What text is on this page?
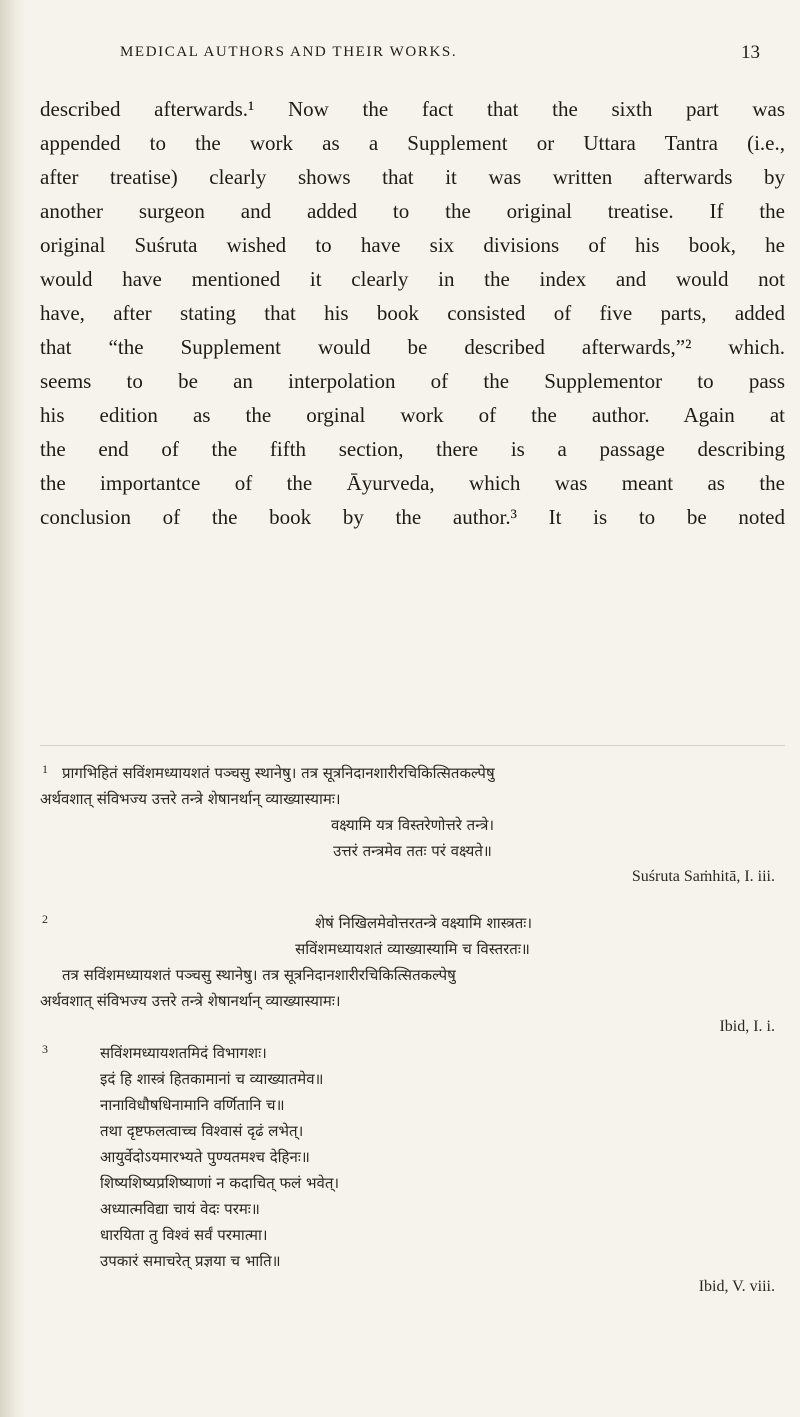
MEDICAL AUTHORS AND THEIR WORKS.	13
described afterwards.¹ Now the fact that the sixth part was
appended to the work as a Supplement or Uttara Tantra (i.e.,
after treatise) clearly shows that it was written afterwards by
another surgeon and added to the original treatise. If the
original Suśruta wished to have six divisions of his book, he
would have mentioned it clearly in the index and would not
have, after stating that his book consisted of five parts, added
that “the Supplement would be described afterwards,”² which.
seems to be an interpolation of the Supplementor to pass
his edition as the orginal work of the author. Again at
the end of the fifth section, there is a passage describing
the importantce of the Āyurveda, which was meant as the
conclusion of the book by the author.³ It is to be noted
1 प्रागभिहितं सविंशमध्यायशतं पञ्चसु स्थानेषु। तत्र सूत्रनिदानशारीरचिकित्सितकल्पेषु
अर्थवशात् संविभज्य उत्तरे तन्त्रे शेषानर्थान् व्याख्यास्यामः।
वक्ष्यामि यत्र विस्तरेणोत्तरे तन्त्रे।
उत्तरं तन्त्रमेव ततः परं वक्ष्यते॥
Suśruta Saṁhitā, I. iii.
2	शेषं निखिलमेवोत्तरतन्त्रे वक्ष्यामि शास्त्रतः।
सविंशमध्यायशतं व्याख्यास्यामि च विस्तरतः॥
तत्र सविंशमध्यायशतं पञ्चसु स्थानेषु। तत्र सूत्रनिदानशारीरचिकित्सितकल्पेषु
अर्थवशात् संविभज्य उत्तरे तन्त्रे शेषानर्थान् व्याख्यास्यामः।
Ibid, I. i.
3	सविंशमध्यायशतमिदं विभागशः।
इदं हि शास्त्रं हितकामानां च व्याख्यातमेव॥
नानाविधौषधिनामानि वर्णितानि च॥
तथा दृष्टफलत्वाच्च विश्वासं दृढं लभेत्।
आयुर्वेदोऽयमारभ्यते पुण्यतमश्च देहिनः॥
शिष्यशिष्यप्रशिष्याणां न कदाचित् फलं भवेत्।
अध्यात्मविद्या चायं वेदः परमः॥
धारयिता तु विश्वं सर्वं परमात्मा।
उपकारं समाचरेत् प्रज्ञया च भाति॥
Ibid, V. viii.
